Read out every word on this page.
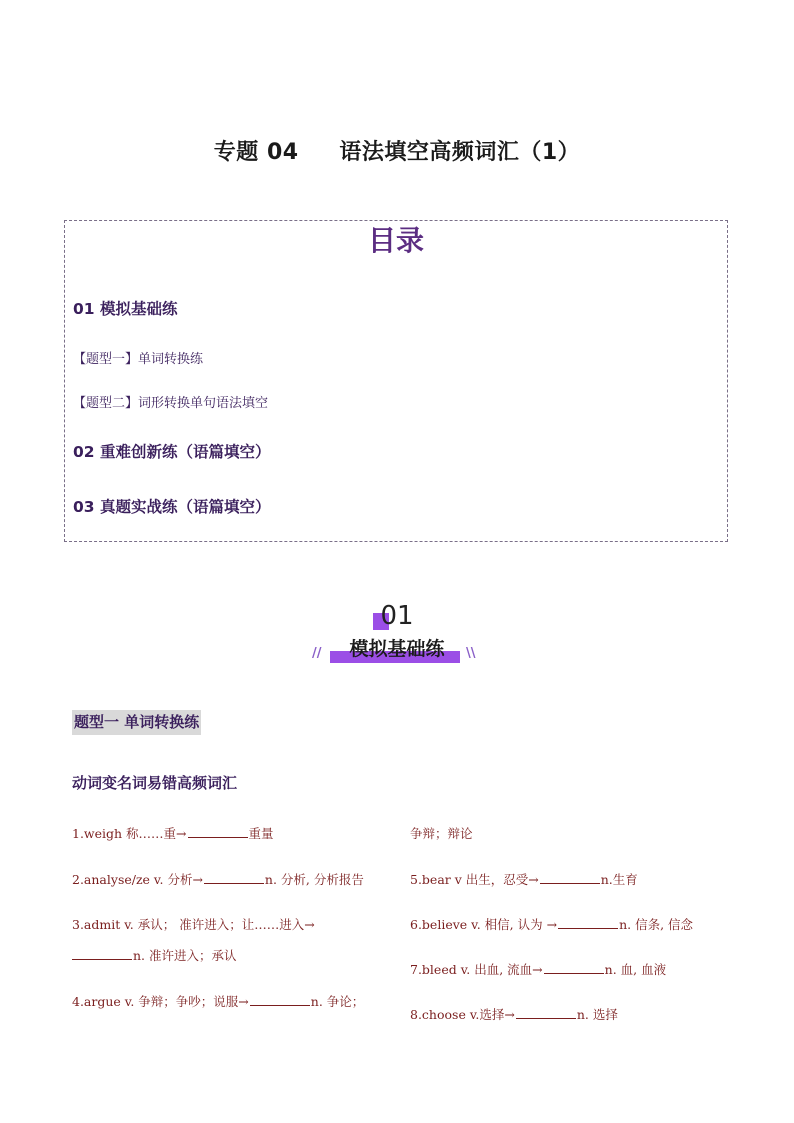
专题 04     语法填空高频词汇（1）
目录
01 模拟基础练
【题型一】单词转换练
【题型二】词形转换单句语法填空
02 重难创新练（语篇填空）
03 真题实战练（语篇填空）
01
//	模拟基础练	\\
题型一 单词转换练
动词变名词易错高频词汇
1.weigh 称……重→	重量
2.analyse/ze v. 分析→	n. 分析, 分析报告
3.admit v. 承认； 准许进入；让……进入→
n. 准许进入；承认
4.argue v. 争辩；争吵；说服→	n. 争论；
争辩；辩论
5.bear v 出生，忍受→	n.生育
6.believe v. 相信, 认为 →	n. 信条, 信念
7.bleed v. 出血, 流血→	n. 血, 血液
8.choose v.选择→	n. 选择
